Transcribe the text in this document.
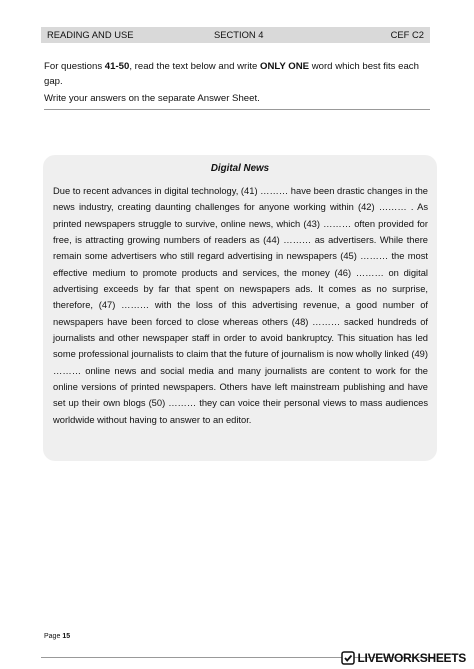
READING AND USE	SECTION 4	CEF C2

For questions 41-50, read the text below and write ONLY ONE word which best fits each gap.

Write your answers on the separate Answer Sheet.

Digital News
Due to recent advances in digital technology, (41) ……… have been drastic changes in the news industry, creating daunting challenges for anyone working within (42) ……… . As printed newspapers struggle to survive, online news, which (43) ……… often provided for free, is attracting growing numbers of readers as (44) ……… as advertisers. While there remain some advertisers who still regard advertising in newspapers (45) ……… the most effective medium to promote products and services, the money (46) ……… on digital advertising exceeds by far that spent on newspapers ads. It comes as no surprise, therefore, (47) ……… with the loss of this advertising revenue, a good number of newspapers have been forced to close whereas others (48) ……… sacked hundreds of journalists and other newspaper staff in order to avoid bankruptcy. This situation has led some professional journalists to claim that the future of journalism is now wholly linked (49) ……… online news and social media and many journalists are content to work for the online versions of printed newspapers. Others have left mainstream publishing and have set up their own blogs (50) ……… they can voice their personal views to mass audiences worldwide without having to answer to an editor.
Page 15
LIVEWORKSHEETS
